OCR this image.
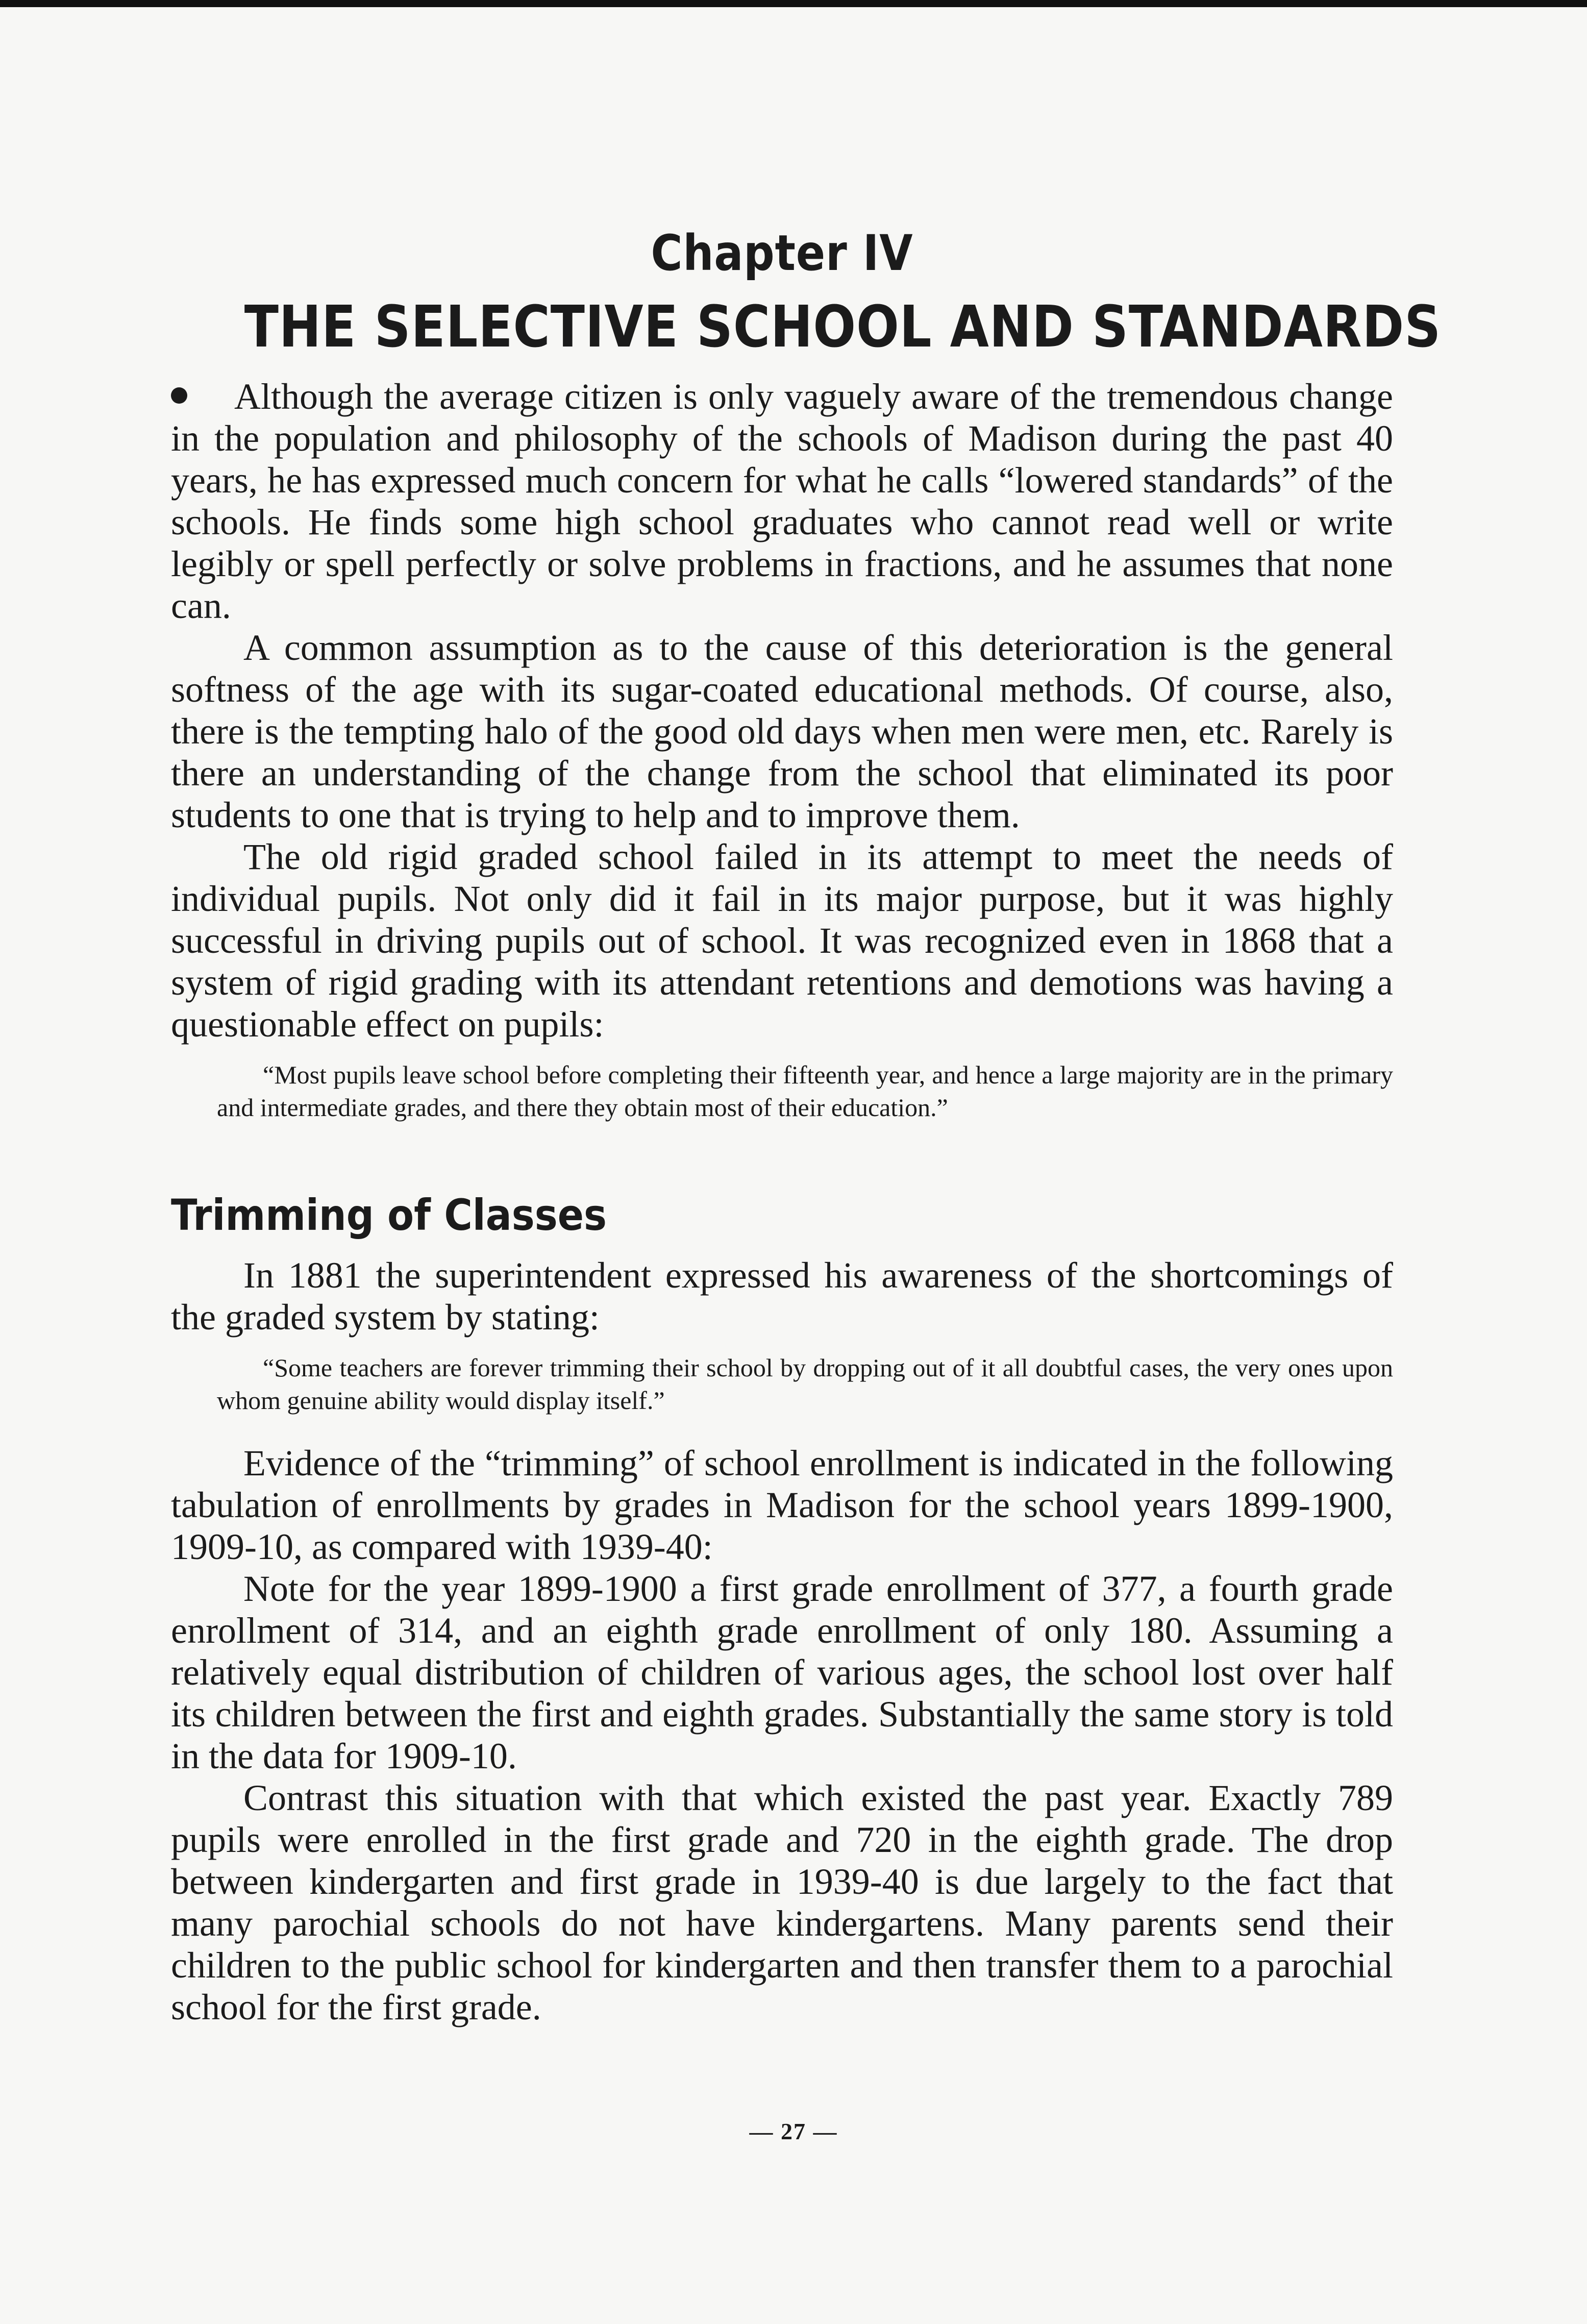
Chapter IV
THE SELECTIVE SCHOOL AND STANDARDS

Although the average citizen is only vaguely aware of the tremendous change in the population and philosophy of the schools of Madison during the past 40 years, he has expressed much concern for what he calls “lowered standards” of the schools. He finds some high school graduates who cannot read well or write legibly or spell perfectly or solve problems in fractions, and he assumes that none can.

A common assumption as to the cause of this deterioration is the general softness of the age with its sugar-coated educational methods. Of course, also, there is the tempting halo of the good old days when men were men, etc. Rarely is there an understanding of the change from the school that eliminated its poor students to one that is trying to help and to improve them.

The old rigid graded school failed in its attempt to meet the needs of individual pupils. Not only did it fail in its major purpose, but it was highly successful in driving pupils out of school. It was recognized even in 1868 that a system of rigid grading with its attendant retentions and demotions was having a questionable effect on pupils:

“Most pupils leave school before completing their fifteenth year, and hence a large majority are in the primary and intermediate grades, and there they obtain most of their education.”

Trimming of Classes

In 1881 the superintendent expressed his awareness of the shortcomings of the graded system by stating:

“Some teachers are forever trimming their school by dropping out of it all doubtful cases, the very ones upon whom genuine ability would display itself.”

Evidence of the “trimming” of school enrollment is indicated in the following tabulation of enrollments by grades in Madison for the school years 1899-1900, 1909-10, as compared with 1939-40:

Note for the year 1899-1900 a first grade enrollment of 377, a fourth grade enrollment of 314, and an eighth grade enrollment of only 180. Assuming a relatively equal distribution of children of various ages, the school lost over half its children between the first and eighth grades. Substantially the same story is told in the data for 1909-10.

Contrast this situation with that which existed the past year. Exactly 789 pupils were enrolled in the first grade and 720 in the eighth grade. The drop between kindergarten and first grade in 1939-40 is due largely to the fact that many parochial schools do not have kindergartens. Many parents send their children to the public school for kindergarten and then transfer them to a parochial school for the first grade.

— 27 —
